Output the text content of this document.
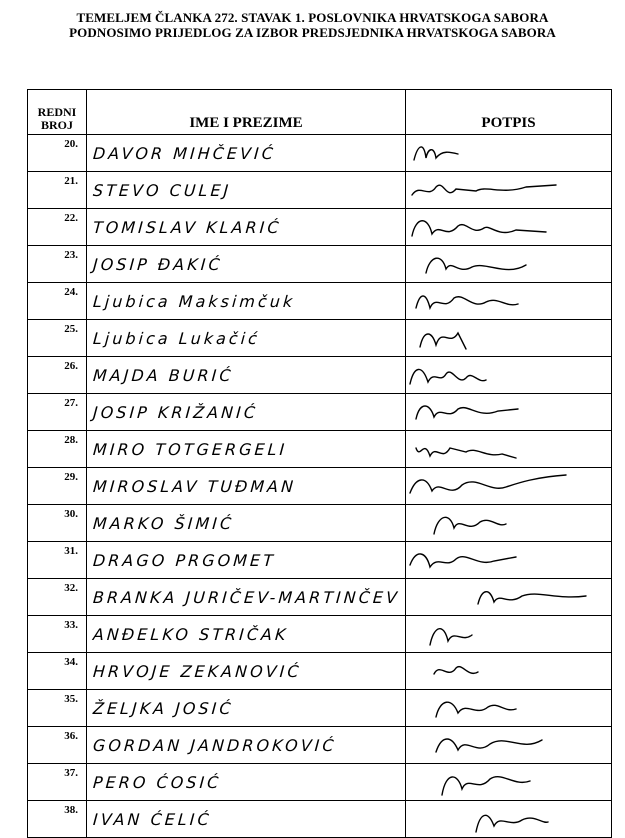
TEMELJEM ČLANKA 272. STAVAK 1. POSLOVNIKA HRVATSKOGA SABORA
PODNOSIMO PRIJEDLOG ZA IZBOR PREDSJEDNIKA HRVATSKOGA SABORA
REDNI
BROJ	IME I PREZIME	POTPIS
20.	DAVOR MIHČEVIĆ	

21.	STEVO CULEJ	

22.	TOMISLAV KLARIĆ	

23.	JOSIP ĐAKIĆ	

24.	Ljubica Maksimčuk	

25.	Ljubica Lukačić	

26.	MAJDA BURIĆ	

27.	JOSIP KRIŽANIĆ	

28.	MIRO TOTGERGELI	

29.	MIROSLAV TUĐMAN	

30.	MARKO ŠIMIĆ	

31.	DRAGO PRGOMET	

32.	BRANKA JURIČEV-MARTINČEV	

33.	ANĐELKO STRIČAK	

34.	HRVOJE ZEKANOVIĆ	

35.	ŽELJKA JOSIĆ	

36.	GORDAN JANDROKOVIĆ	

37.	PERO ĆOSIĆ	

38.	IVAN ĆELIĆ	
